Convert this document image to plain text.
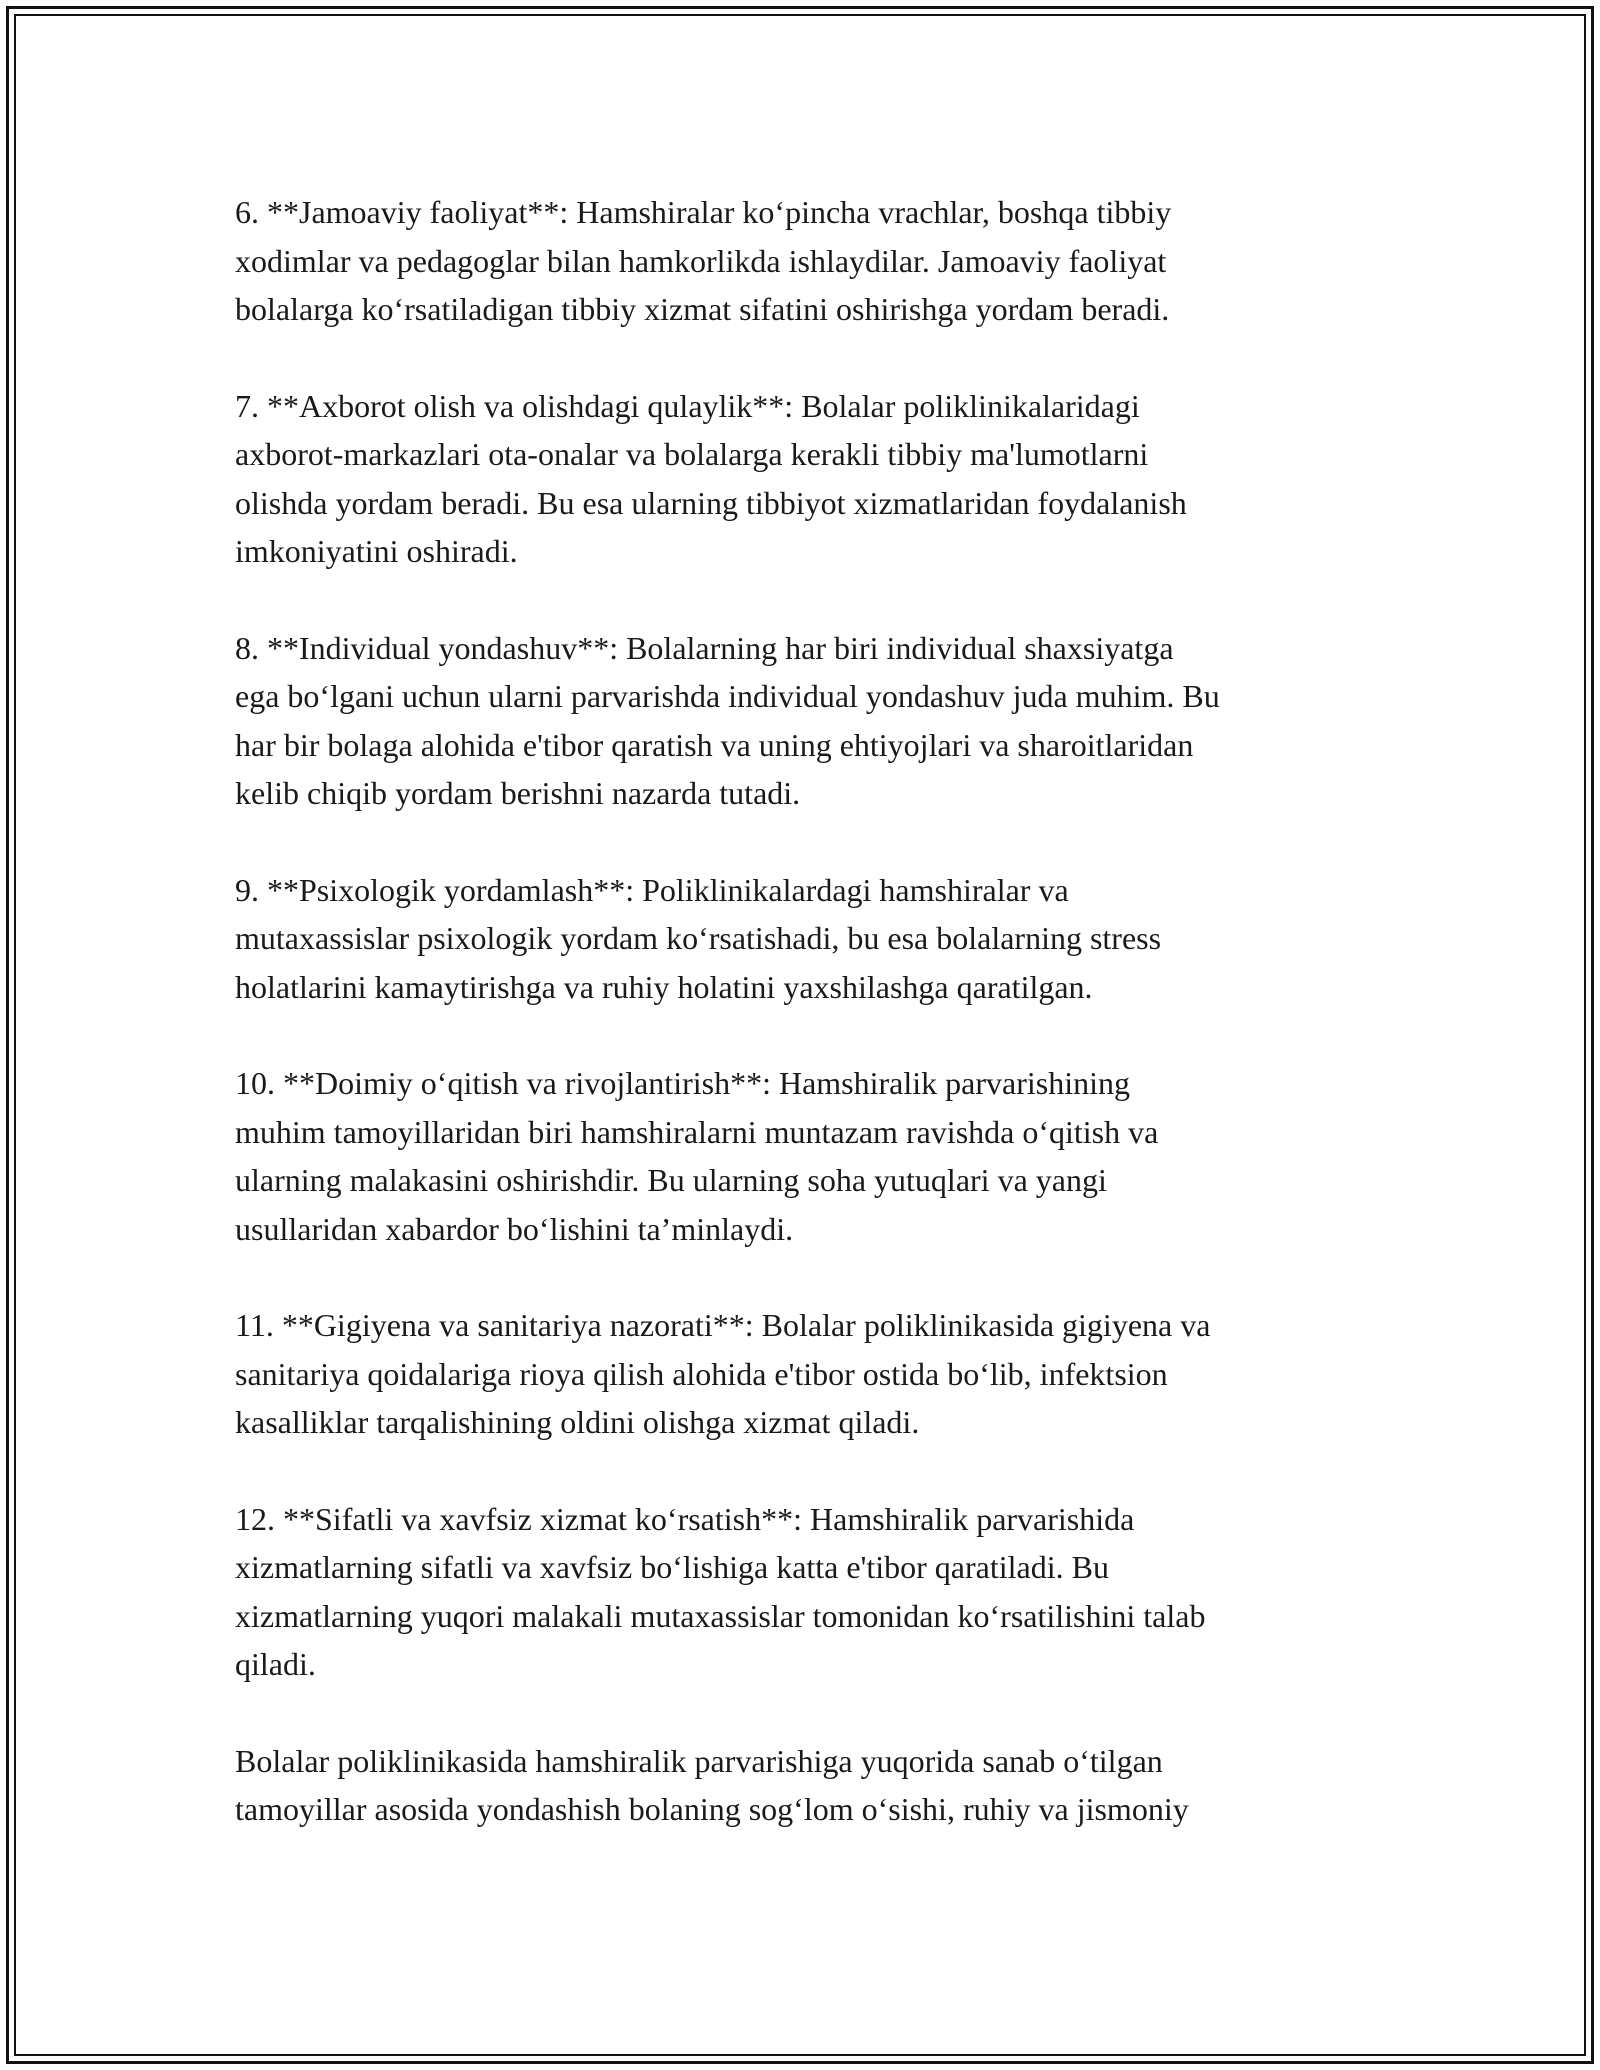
6. **Jamoaviy faoliyat**: Hamshiralar koʻpincha vrachlar, boshqa tibbiy
xodimlar va pedagoglar bilan hamkorlikda ishlaydilar. Jamoaviy faoliyat
bolalarga koʻrsatiladigan tibbiy xizmat sifatini oshirishga yordam beradi.

7. **Axborot olish va olishdagi qulaylik**: Bolalar poliklinikalaridagi
axborot-markazlari ota-onalar va bolalarga kerakli tibbiy ma'lumotlarni
olishda yordam beradi. Bu esa ularning tibbiyot xizmatlaridan foydalanish
imkoniyatini oshiradi.

8. **Individual yondashuv**: Bolalarning har biri individual shaxsiyatga
ega boʻlgani uchun ularni parvarishda individual yondashuv juda muhim. Bu
har bir bolaga alohida e'tibor qaratish va uning ehtiyojlari va sharoitlaridan
kelib chiqib yordam berishni nazarda tutadi.

9. **Psixologik yordamlash**: Poliklinikalardagi hamshiralar va
mutaxassislar psixologik yordam koʻrsatishadi, bu esa bolalarning stress
holatlarini kamaytirishga va ruhiy holatini yaxshilashga qaratilgan.

10. **Doimiy oʻqitish va rivojlantirish**: Hamshiralik parvarishining
muhim tamoyillaridan biri hamshiralarni muntazam ravishda oʻqitish va
ularning malakasini oshirishdir. Bu ularning soha yutuqlari va yangi
usullaridan xabardor boʻlishini taʼminlaydi.

11. **Gigiyena va sanitariya nazorati**: Bolalar poliklinikasida gigiyena va
sanitariya qoidalariga rioya qilish alohida e'tibor ostida boʻlib, infektsion
kasalliklar tarqalishining oldini olishga xizmat qiladi.

12. **Sifatli va xavfsiz xizmat koʻrsatish**: Hamshiralik parvarishida
xizmatlarning sifatli va xavfsiz boʻlishiga katta e'tibor qaratiladi. Bu
xizmatlarning yuqori malakali mutaxassislar tomonidan koʻrsatilishini talab
qiladi.

Bolalar poliklinikasida hamshiralik parvarishiga yuqorida sanab oʻtilgan
tamoyillar asosida yondashish bolaning sogʻlom oʻsishi, ruhiy va jismoniy
